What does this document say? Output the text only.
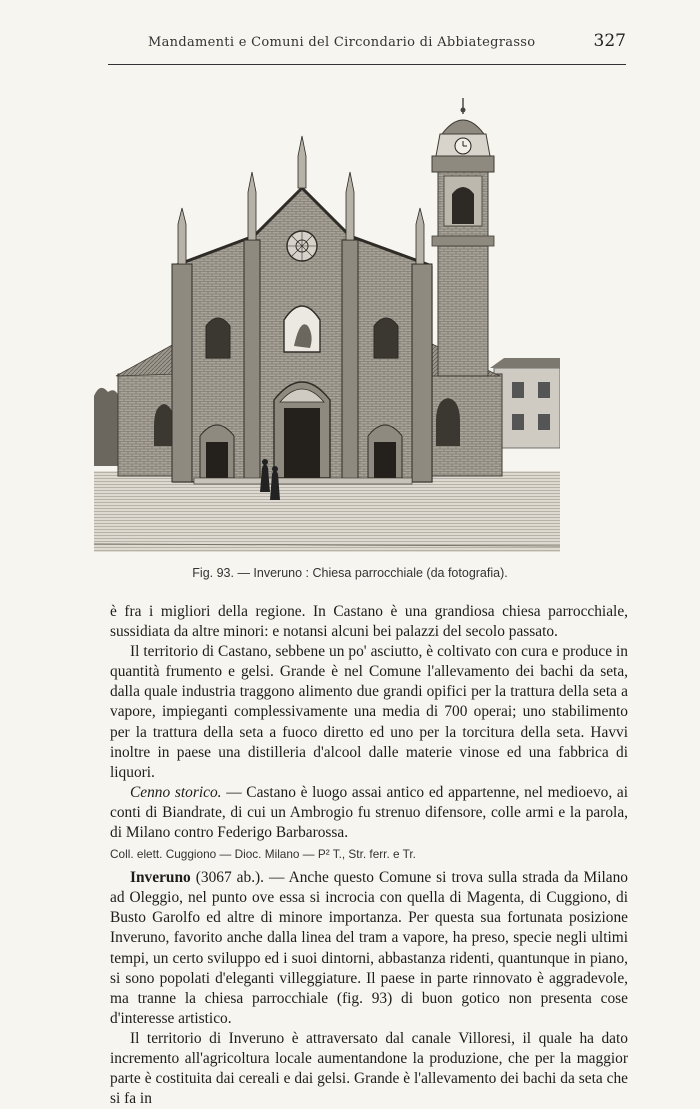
Mandamenti e Comuni del Circondario di Abbiategrasso	327
Fig. 93. — Inveruno : Chiesa parrocchiale (da fotografia).

è fra i migliori della regione. In Castano è una grandiosa chiesa parrocchiale, sussidiata da altre minori: e notansi alcuni bei palazzi del secolo passato.

Il territorio di Castano, sebbene un po' asciutto, è coltivato con cura e produce in quantità frumento e gelsi. Grande è nel Comune l'allevamento dei bachi da seta, dalla quale industria traggono alimento due grandi opifici per la trattura della seta a vapore, impieganti complessivamente una media di 700 operai; uno stabilimento per la trattura della seta a fuoco diretto ed uno per la torcitura della seta. Havvi inoltre in paese una distilleria d'alcool dalle materie vinose ed una fabbrica di liquori.

Cenno storico. — Castano è luogo assai antico ed appartenne, nel medioevo, ai conti di Biandrate, di cui un Ambrogio fu strenuo difensore, colle armi e la parola, di Milano contro Federigo Barbarossa.

Coll. elett. Cuggiono — Dioc. Milano — P² T., Str. ferr. e Tr.

Inveruno (3067 ab.). — Anche questo Comune si trova sulla strada da Milano ad Oleggio, nel punto ove essa si incrocia con quella di Magenta, di Cuggiono, di Busto Garolfo ed altre di minore importanza. Per questa sua fortunata posizione Inveruno, favorito anche dalla linea del tram a vapore, ha preso, specie negli ultimi tempi, un certo sviluppo ed i suoi dintorni, abbastanza ridenti, quantunque in piano, si sono popolati d'eleganti villeggiature. Il paese in parte rinnovato è aggradevole, ma tranne la chiesa parrocchiale (fig. 93) di buon gotico non presenta cose d'interesse artistico.

Il territorio di Inveruno è attraversato dal canale Villoresi, il quale ha dato incremento all'agricoltura locale aumentandone la produzione, che per la maggior parte è costituita dai cereali e dai gelsi. Grande è l'allevamento dei bachi da seta che si fa in
